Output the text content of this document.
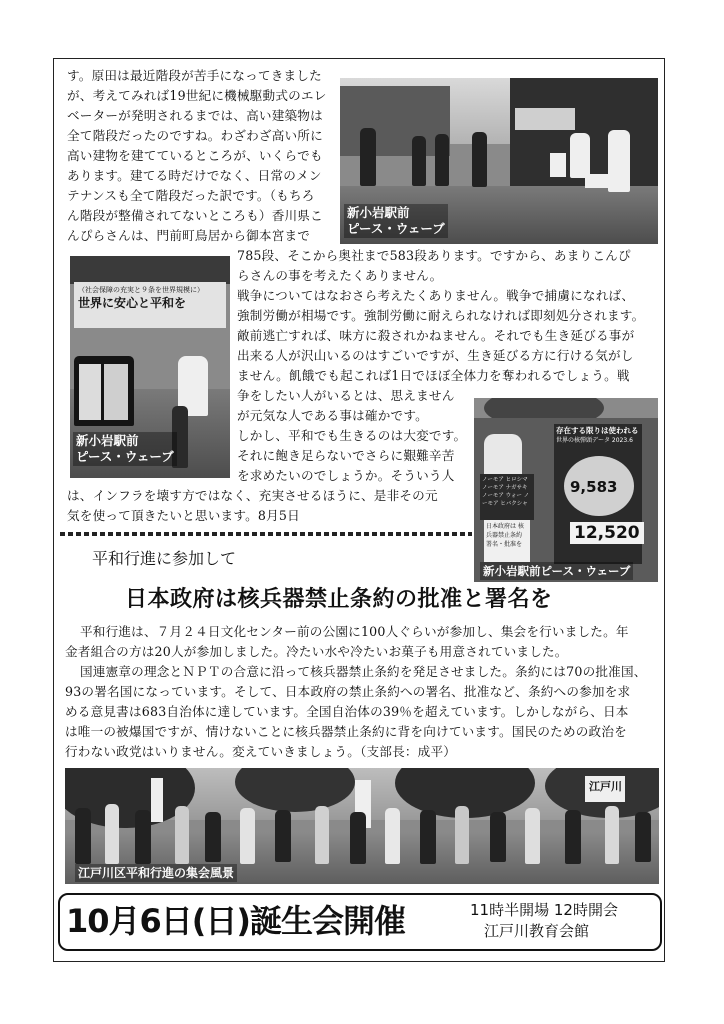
す。原田は最近階段が苦手になってきました
が、考えてみれば19世紀に機械駆動式のエレ
ベーターが発明されるまでは、高い建築物は
全て階段だったのですね。わざわざ高い所に
高い建物を建てているところが、いくらでも
あります。建てる時だけでなく、日常のメン
テナンスも全て階段だった訳です。（もちろ
ん階段が整備されてないところも）香川県こ
んぴらさんは、門前町鳥居から御本宮まで
新小岩駅前
ピース・ウェーブ
（社会保障の充実と９条を世界規模に）
世界に安心と平和を
新小岩駅前
ピース・ウェーブ
785段、そこから奥社まで583段あります。ですから、あまりこんぴ
らさんの事を考えたくありません。
戦争についてはなおさら考えたくありません。戦争で捕虜になれば、
強制労働が相場です。強制労働に耐えられなければ即刻処分されます。
敵前逃亡すれば、味方に殺されかねません。それでも生き延びる事が
出来る人が沢山いるのはすごいですが、生き延びる方に行ける気がし
ません。飢餓でも起これば1日でほぼ全体力を奪われるでしょう。戦
争をしたい人がいるとは、思えません
が元気な人である事は確かです。
しかし、平和でも生きるのは大変です。
それに飽き足らないでさらに艱難辛苦
を求めたいのでしょうか。そういう人
は、インフラを壊す方ではなく、充実させるほうに、是非その元
気を使って頂きたいと思います。8月5日
存在する限りは使われる
世界の核弾頭データ 2023.6
9,583
12,520
ノーモア ヒロシマ ノーモア ナガサキ ノーモア ウォー ノーモア ヒバクシャ
日本政府は 核兵器禁止条約 署名・批准を
新小岩駅前ピース・ウェーブ
平和行進に参加して
日本政府は核兵器禁止条約の批准と署名を
平和行進は、７月２４日文化センター前の公園に100人ぐらいが参加し、集会を行いました。年
金者組合の方は20人が参加しました。冷たい水や冷たいお菓子も用意されていました。
国連憲章の理念とＮＰＴの合意に沿って核兵器禁止条約を発足させました。条約には70の批准国、
93の署名国になっています。そして、日本政府の禁止条約への署名、批准など、条約への参加を求
める意見書は683自治体に達しています。全国自治体の39％を超えています。しかしながら、日本
は唯一の被爆国ですが、情けないことに核兵器禁止条約に背を向けています。国民のための政治を
行わない政党はいりません。変えていきましょう。（支部長：成平）
江戸川
江戸川区平和行進の集会風景
10月6日(日)誕生会開催	11時半開場 12時開会
江戸川教育会館
